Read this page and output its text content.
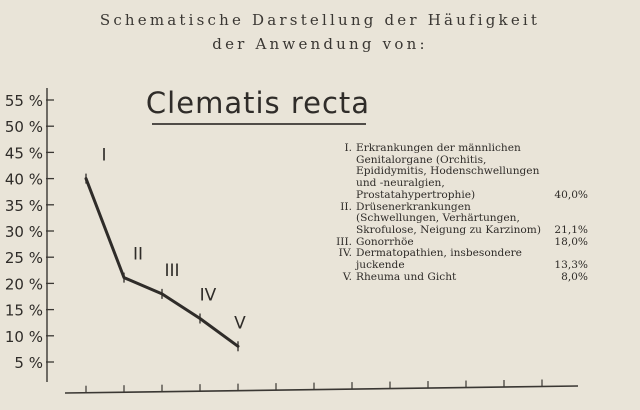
Schematische Darstellung der Häufigkeit
der Anwendung von:
55 %
50 %
45 %
40 %
35 %
30 %
25 %
20 %
15 %
10 %
5 %
Clematis recta
I
II
III
IV
V
I. Erkrankungen der männlichen Genitalorgane (Orchitis, Epididymitis, Hodenschwellungen und -neuralgien, Prostatahypertrophie)	40,0%
II. Drüsenerkrankungen (Schwellungen, Verhärtungen, Skrofulose, Neigung zu Karzinom)	21,1%
III. Gonorrhöe	18,0%
IV. Dermatopathien, insbesondere juckende	13,3%
V. Rheuma und Gicht	8,0%
